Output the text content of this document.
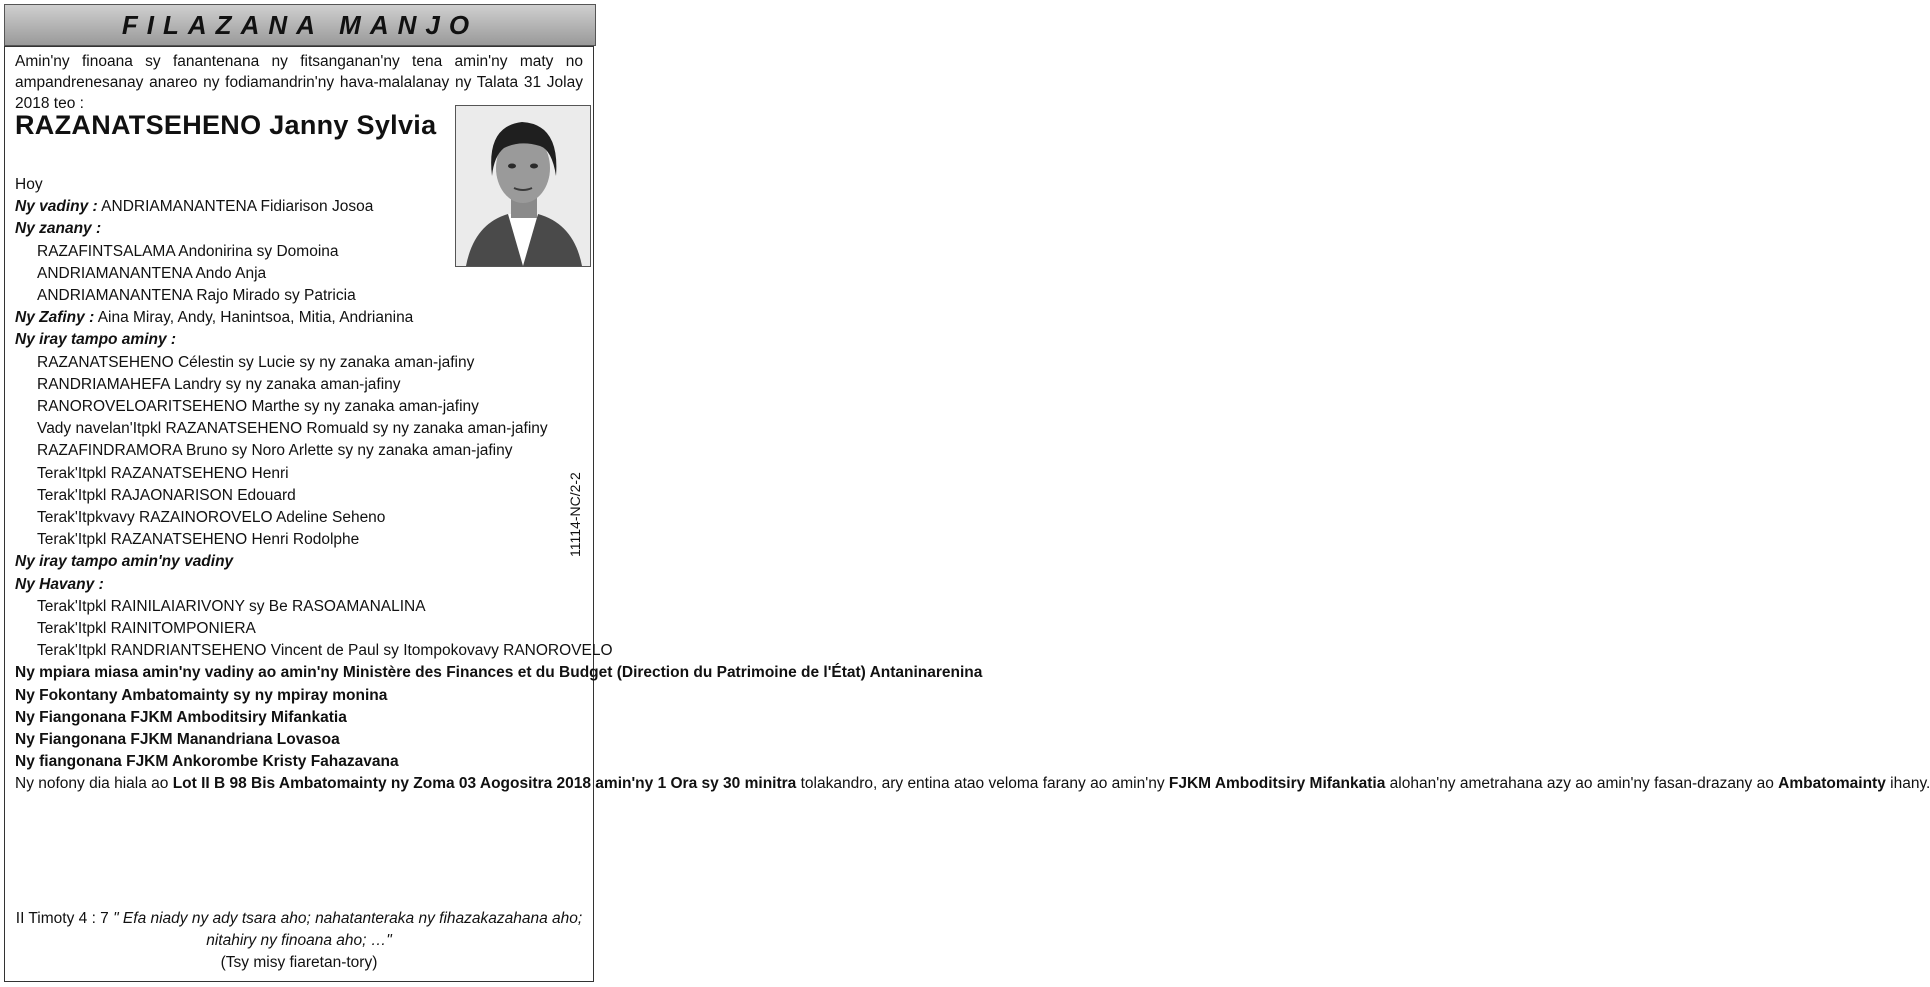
FILAZANA MANJO
Amin'ny finoana sy fanantenana ny fitsanganan'ny tena amin'ny maty no ampandrenesanay anareo ny fodiamandrin'ny hava-malalanay ny Talata 31 Jolay 2018 teo :
RAZANATSEHENO Janny Sylvia
Hoy
Ny vadiny : ANDRIAMANANTENA Fidiarison Josoa
Ny zanany :
RAZAFINTSALAMA Andonirina sy Domoina
ANDRIAMANANTENA Ando Anja
ANDRIAMANANTENA Rajo Mirado sy Patricia
Ny Zafiny : Aina Miray, Andy, Hanintsoa, Mitia, Andrianina
Ny iray tampo aminy :
RAZANATSEHENO Célestin sy Lucie sy ny zanaka aman-jafiny
RANDRIAMAHEFA Landry sy ny zanaka aman-jafiny
RANOROVELOARITSEHENO Marthe sy ny zanaka aman-jafiny
Vady navelan'Itpkl RAZANATSEHENO Romuald sy ny zanaka aman-jafiny
RAZAFINDRAMORA Bruno sy Noro Arlette sy ny zanaka aman-jafiny
Terak'Itpkl RAZANATSEHENO Henri
Terak'Itpkl RAJAONARISON Edouard
Terak'Itpkvavy RAZAINOROVELO Adeline Seheno
Terak'Itpkl RAZANATSEHENO Henri Rodolphe
Ny iray tampo amin'ny vadiny
Ny Havany :
Terak'Itpkl RAINILAIARIVONY sy Be RASOAMANALINA
Terak'Itpkl RAINITOMPONIERA
Terak'Itpkl RANDRIANTSEHENO Vincent de Paul sy Itompokovavy RANOROVELO
Ny mpiara miasa amin'ny vadiny ao amin'ny Ministère des Finances et du Budget (Direction du Patrimoine de l'État) Antaninarenina
Ny Fokontany Ambatomainty sy ny mpiray monina
Ny Fiangonana FJKM Amboditsiry Mifankatia
Ny Fiangonana FJKM Manandriana Lovasoa
Ny fiangonana FJKM Ankorombe Kristy Fahazavana
Ny nofony dia hiala ao Lot II B 98 Bis Ambatomainty ny Zoma 03 Aogositra 2018 amin'ny 1 Ora sy 30 minitra tolakandro, ary entina atao veloma farany ao amin'ny FJKM Amboditsiry Mifankatia alohan'ny ametrahana azy ao amin'ny fasan-drazany ao Ambatomainty ihany.
11114-NC/2-2
II Timoty 4 : 7 " Efa niady ny ady tsara aho; nahatanteraka ny fihazakazahana aho; nitahiry ny finoana aho; …"
(Tsy misy fiaretan-tory)
